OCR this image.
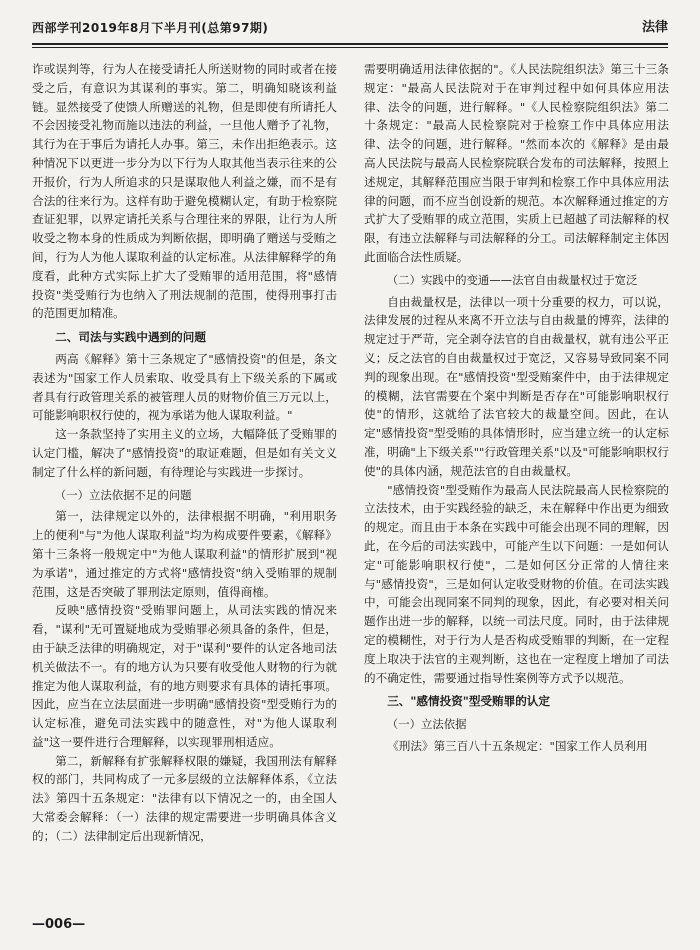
西部学刊2019年8月下半月刊(总第97期)	法律

诈或误判等，行为人在接受请托人所送财物的同时或者在接受之后，有意识为其谋利的事实。第二，明确知晓该利益链。显然接受了使馈人所赠送的礼物，但是即使有所请托人不会因接受礼物而施以违法的利益，一旦他人赠予了礼物，其行为在于事后为请托人办事。第三，未作出拒绝表示。这种情况下以更进一步分为以下行为人取其他当表示往来的公开报价，行为人所追求的只是谋取他人利益之嫌，而不是有合法的往来行为。这样有助于避免模糊认定，有助于检察院查证犯罪，以界定请托关系与合理往来的界限，让行为人所收受之物本身的性质成为判断依据，即明确了赠送与受贿之间，行为人为他人谋取利益的认定标准。从法律解释学的角度看，此种方式实际上扩大了受贿罪的适用范围，将"感情投资"类受贿行为也纳入了刑法规制的范围，使得刑事打击的范围更加精准。

二、司法与实践中遇到的问题

两高《解释》第十三条规定了"感情投资"的但是，条文表述为"国家工作人员索取、收受具有上下级关系的下属或者具有行政管理关系的被管理人员的财物价值三万元以上，可能影响职权行使的，视为承诺为他人谋取利益。"

这一条款坚持了实用主义的立场，大幅降低了受贿罪的认定门槛，解决了"感情投资"的取证难题，但是如有关文义制定了什么样的新问题，有待理论与实践进一步探讨。

（一）立法依据不足的问题

第一，法律规定以外的，法律根据不明确，"利用职务上的便利"与"为他人谋取利益"均为构成要件要素，《解释》第十三条将一般规定中"为他人谋取利益"的情形扩展到"视为承诺"，通过推定的方式将"感情投资"纳入受贿罪的规制范围，这是否突破了罪刑法定原则，值得商榷。

反映"感情投资"受贿罪问题上，从司法实践的情况来看，"谋利"无可置疑地成为受贿罪必须具备的条件，但是，由于缺乏法律的明确规定，对于"谋利"要件的认定各地司法机关做法不一。有的地方认为只要有收受他人财物的行为就推定为他人谋取利益，有的地方则要求有具体的请托事项。因此，应当在立法层面进一步明确"感情投资"型受贿行为的认定标准，避免司法实践中的随意性，对"为他人谋取利益"这一要件进行合理解释，以实现罪刑相适应。

第二，新解释有扩张解释权限的嫌疑，我国刑法有解释权的部门，共同构成了一元多层级的立法解释体系，《立法法》第四十五条规定："法律有以下情况之一的，由全国人大常委会解释：（一）法律的规定需要进一步明确具体含义的；（二）法律制定后出现新情况，

需要明确适用法律依据的"。《人民法院组织法》第三十三条规定："最高人民法院对于在审判过程中如何具体应用法律、法令的问题，进行解释。"《人民检察院组织法》第二十条规定："最高人民检察院对于检察工作中具体应用法律、法令的问题，进行解释。"然而本次的《解释》是由最高人民法院与最高人民检察院联合发布的司法解释，按照上述规定，其解释范围应当限于审判和检察工作中具体应用法律的问题，而不应当创设新的规范。本次解释通过推定的方式扩大了受贿罪的成立范围，实质上已超越了司法解释的权限，有违立法解释与司法解释的分工。司法解释制定主体因此面临合法性质疑。

（二）实践中的变通——法官自由裁量权过于宽泛

自由裁量权是，法律以一项十分重要的权力，可以说，法律发展的过程从来离不开立法与自由裁量的博弈，法律的规定过于严苛，完全剥夺法官的自由裁量权，就有违公平正义；反之法官的自由裁量权过于宽泛，又容易导致同案不同判的现象出现。在"感情投资"型受贿案件中，由于法律规定的模糊，法官需要在个案中判断是否存在"可能影响职权行使"的情形，这就给了法官较大的裁量空间。因此，在认定"感情投资"型受贿的具体情形时，应当建立统一的认定标准，明确"上下级关系""行政管理关系"以及"可能影响职权行使"的具体内涵，规范法官的自由裁量权。

"感情投资"型受贿作为最高人民法院最高人民检察院的立法技术，由于实践经验的缺乏，未在解释中作出更为细致的规定。而且由于本条在实践中可能会出现不同的理解，因此，在今后的司法实践中，可能产生以下问题：一是如何认定"可能影响职权行使"，二是如何区分正常的人情往来与"感情投资"，三是如何认定收受财物的价值。在司法实践中，可能会出现同案不同判的现象，因此，有必要对相关问题作出进一步的解释，以统一司法尺度。同时，由于法律规定的模糊性，对于行为人是否构成受贿罪的判断，在一定程度上取决于法官的主观判断，这也在一定程度上增加了司法的不确定性，需要通过指导性案例等方式予以规范。

三、"感情投资"型受贿罪的认定
（一）立法依据

《刑法》第三百八十五条规定："国家工作人员利用

—006—
